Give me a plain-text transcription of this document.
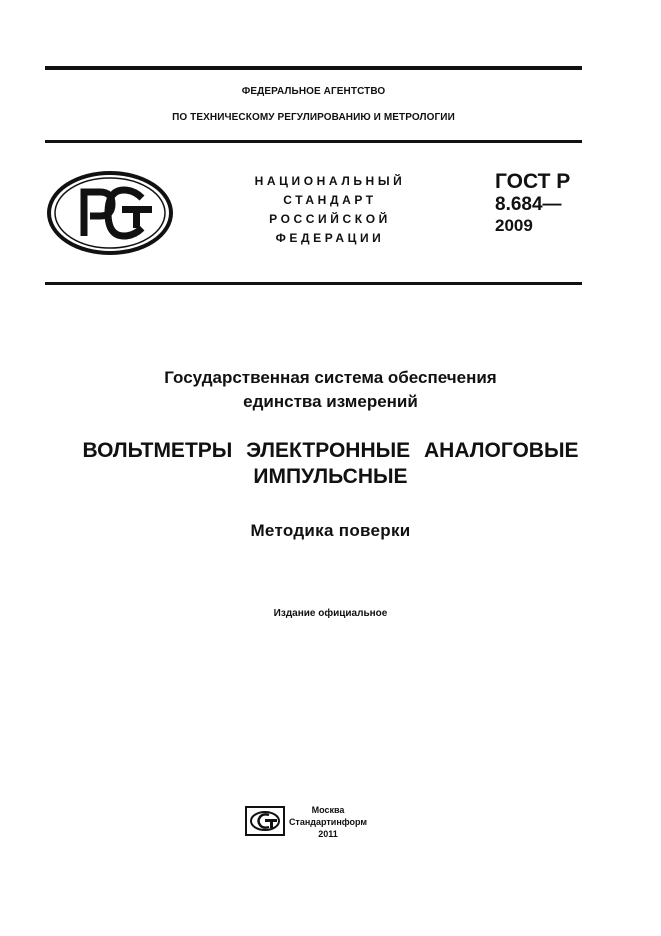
ФЕДЕРАЛЬНОЕ АГЕНТСТВО
ПО ТЕХНИЧЕСКОМУ РЕГУЛИРОВАНИЮ И МЕТРОЛОГИИ
НАЦИОНАЛЬНЫЙ
СТАНДАРТ
РОССИЙСКОЙ
ФЕДЕРАЦИИ
ГОСТ Р
8.684—
2009
Государственная система обеспечения
единства измерений
ВОЛЬТМЕТРЫ ЭЛЕКТРОННЫЕ АНАЛОГОВЫЕ
ИМПУЛЬСНЫЕ
Методика поверки
Издание официальное
Москва
Стандартинформ
2011
